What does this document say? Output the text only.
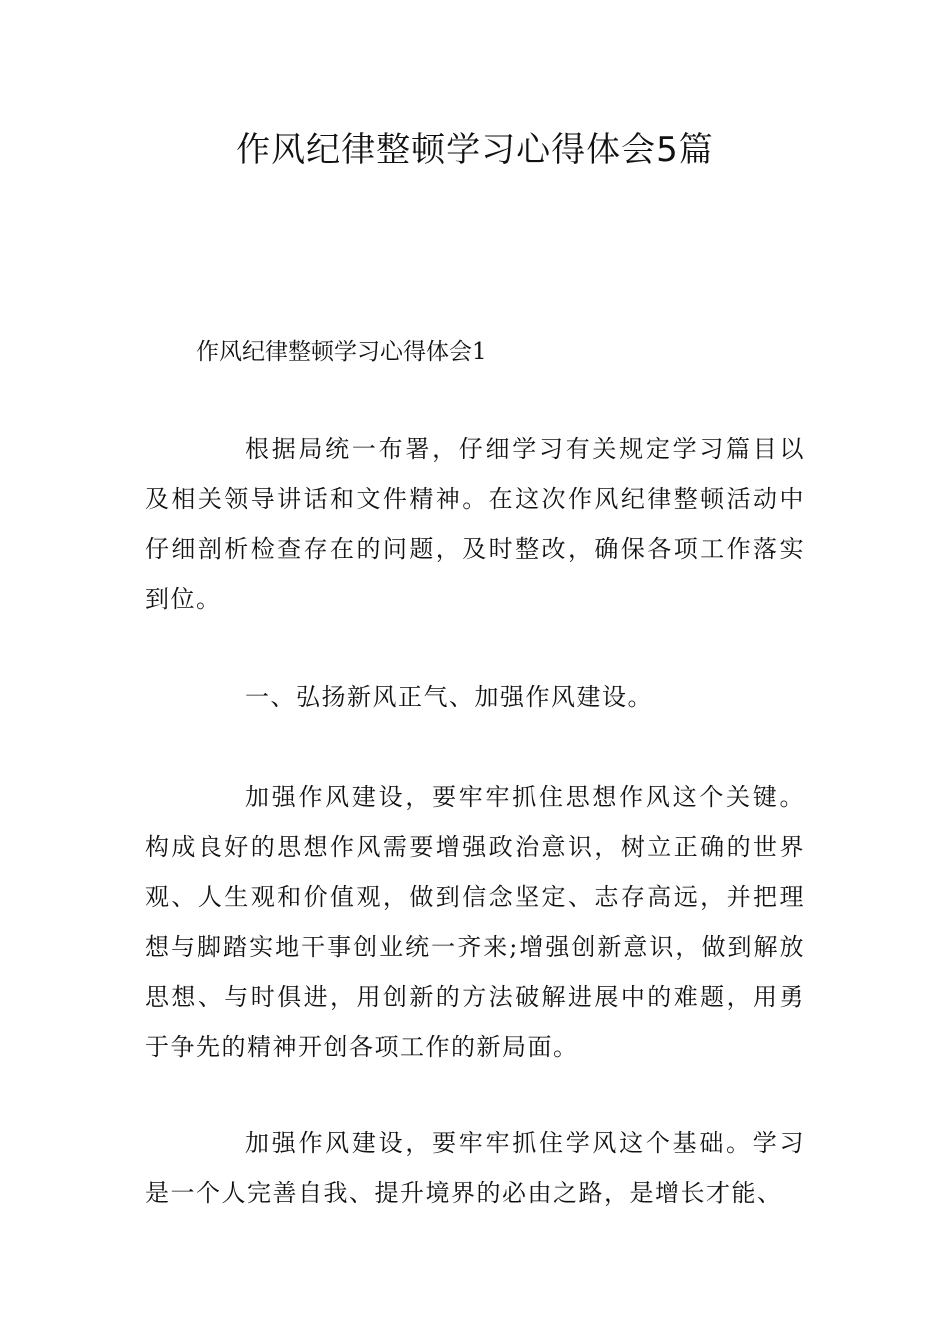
作风纪律整顿学习心得体会5篇
作风纪律整顿学习心得体会1

根据局统一布署，仔细学习有关规定学习篇目以及相关领导讲话和文件精神。在这次作风纪律整顿活动中仔细剖析检查存在的问题，及时整改，确保各项工作落实到位。

一、弘扬新风正气、加强作风建设。

加强作风建设，要牢牢抓住思想作风这个关键。构成良好的思想作风需要增强政治意识，树立正确的世界观、人生观和价值观，做到信念坚定、志存高远，并把理想与脚踏实地干事创业统一齐来;增强创新意识，做到解放思想、与时俱进，用创新的方法破解进展中的难题，用勇于争先的精神开创各项工作的新局面。

加强作风建设，要牢牢抓住学风这个基础。学习是一个人完善自我、提升境界的必由之路，是增长才能、
